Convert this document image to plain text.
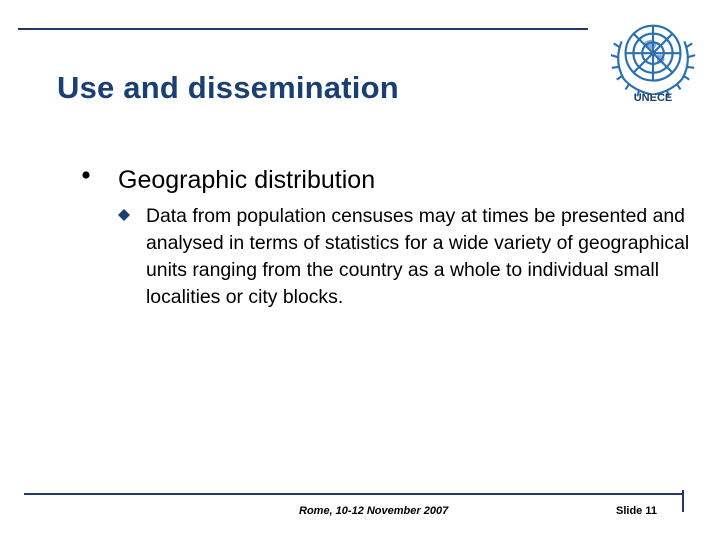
Use and dissemination	UNECE
Geographic distribution
Data from population censuses may at times be presented and analysed in terms of statistics for a wide variety of geographical units ranging from the country as a whole to individual small localities or city blocks.
Rome, 10-12 November 2007	Slide 11
